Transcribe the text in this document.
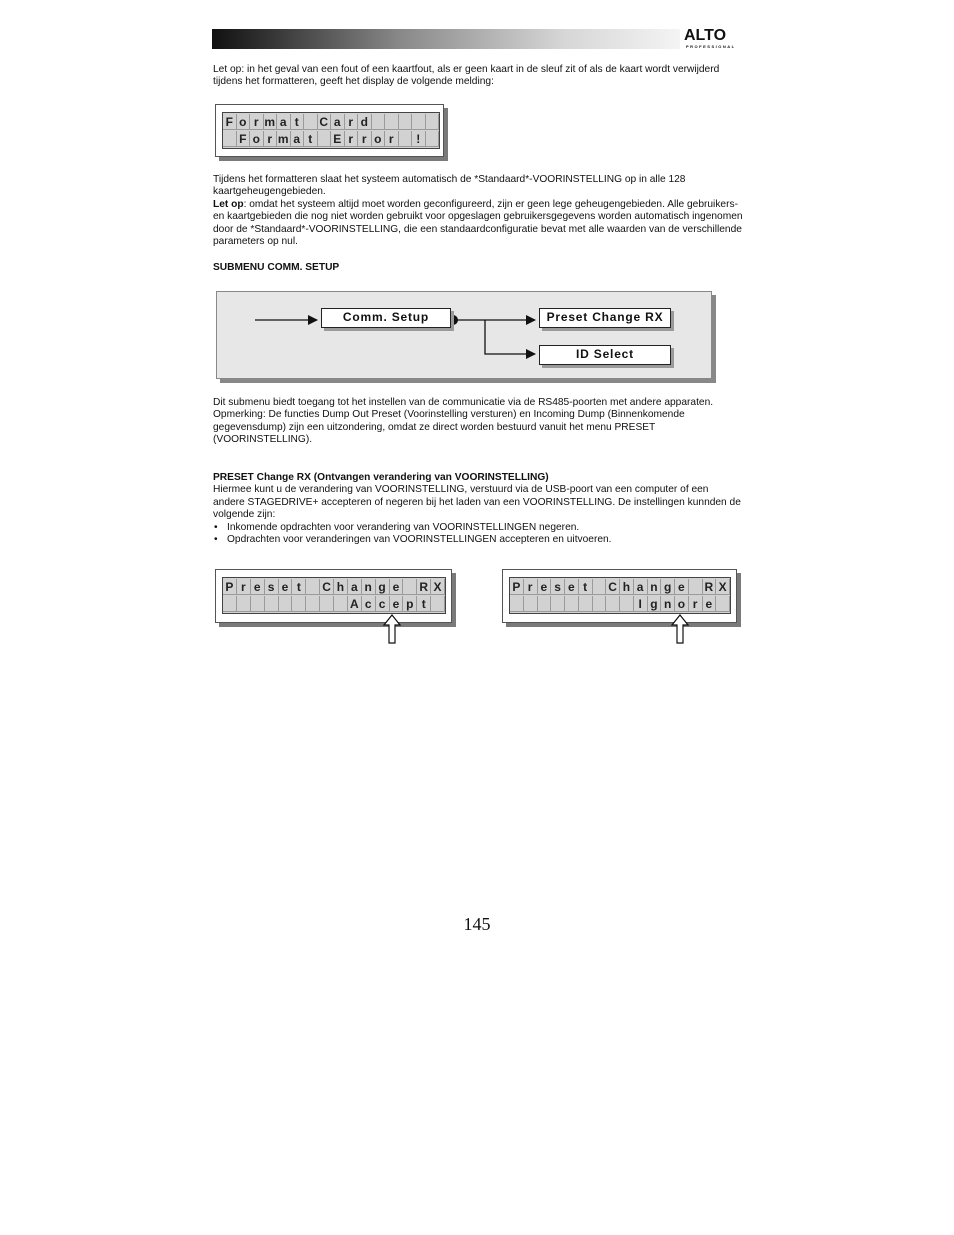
ALTO
PROFESSIONAL

Let op: in het geval van een fout of een kaartfout, als er geen kaart in de sleuf zit of als de kaart wordt verwijderd tijdens het formatteren, geeft het display de volgende melding:

F o r m a t	C a r d
F o r m a t	E r r o r	!

Tijdens het formatteren slaat het systeem automatisch de *Standaard*-VOORINSTELLING op in alle 128 kaartgeheugengebieden.

Let op: omdat het systeem altijd moet worden geconfigureerd, zijn er geen lege geheugengebieden. Alle gebruikers- en kaartgebieden die nog niet worden gebruikt voor opgeslagen gebruikersgegevens worden automatisch ingenomen door de *Standaard*-VOORINSTELLING, die een standaardconfiguratie bevat met alle waarden van de verschillende parameters op nul.

SUBMENU COMM. SETUP
Comm. Setup	Preset Change RX
ID Select

Dit submenu biedt toegang tot het instellen van de communicatie via de RS485-poorten met andere apparaten.

Opmerking: De functies Dump Out Preset (Voorinstelling versturen) en Incoming Dump (Binnenkomende gegevensdump) zijn een uitzondering, omdat ze direct worden bestuurd vanuit het menu PRESET (VOORINSTELLING).

PRESET Change RX (Ontvangen verandering van VOORINSTELLING)

Hiermee kunt u de verandering van VOORINSTELLING, verstuurd via de USB-poort van een computer of een andere STAGEDRIVE+ accepteren of negeren bij het laden van een VOORINSTELLING. De instellingen kunnden de volgende zijn:

• Inkomende opdrachten voor verandering van VOORINSTELLINGEN negeren.
• Opdrachten voor veranderingen van VOORINSTELLINGEN accepteren en uitvoeren.
P r e s e t	C h a n g e	R X
A c c e p t
P r e s e t	C h a n g e	R X
I g n o r e
145
